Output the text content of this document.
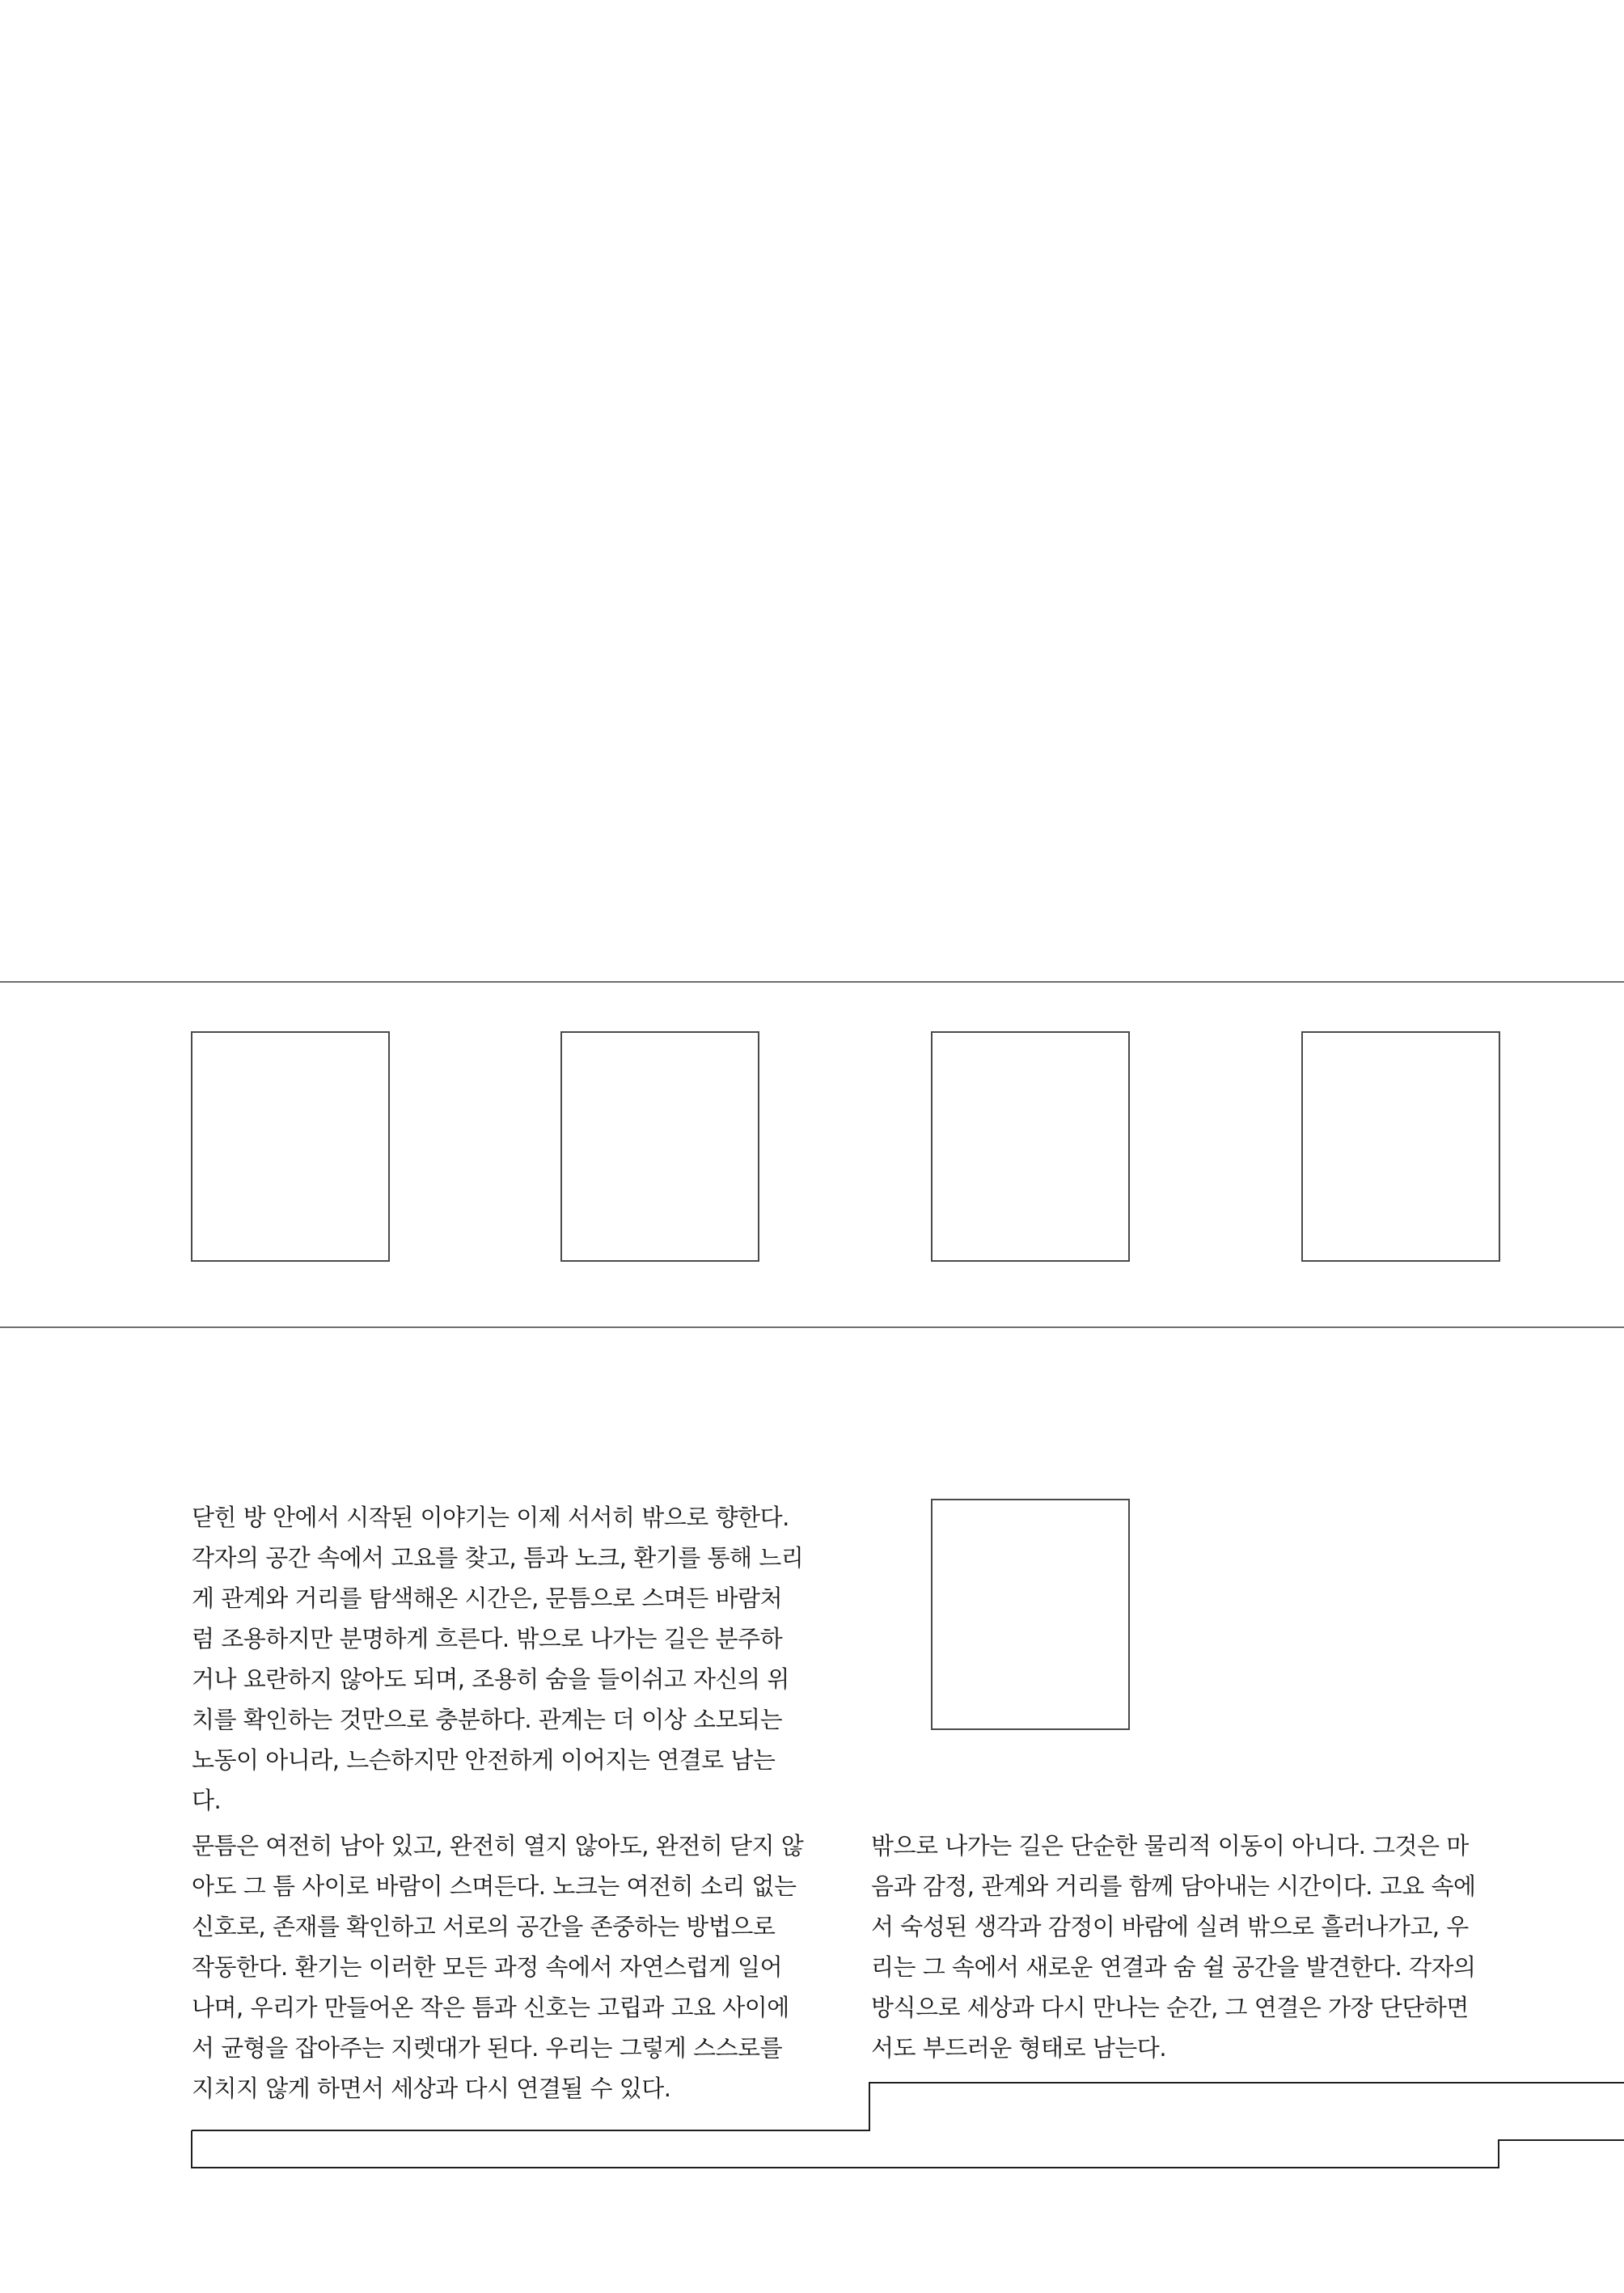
닫힌 방 안에서 시작된 이야기는 이제 서서히 밖으로 향한다.
각자의 공간 속에서 고요를 찾고, 틈과 노크, 환기를 통해 느리
게 관계와 거리를 탐색해온 시간은, 문틈으로 스며든 바람처
럼 조용하지만 분명하게 흐른다. 밖으로 나가는 길은 분주하
거나 요란하지 않아도 되며, 조용히 숨을 들이쉬고 자신의 위
치를 확인하는 것만으로 충분하다. 관계는 더 이상 소모되는
노동이 아니라, 느슨하지만 안전하게 이어지는 연결로 남는
다.

문틈은 여전히 남아 있고, 완전히 열지 않아도, 완전히 닫지 않
아도 그 틈 사이로 바람이 스며든다. 노크는 여전히 소리 없는
신호로, 존재를 확인하고 서로의 공간을 존중하는 방법으로
작동한다. 환기는 이러한 모든 과정 속에서 자연스럽게 일어
나며, 우리가 만들어온 작은 틈과 신호는 고립과 고요 사이에
서 균형을 잡아주는 지렛대가 된다. 우리는 그렇게 스스로를
지치지 않게 하면서 세상과 다시 연결될 수 있다.

밖으로 나가는 길은 단순한 물리적 이동이 아니다. 그것은 마
음과 감정, 관계와 거리를 함께 담아내는 시간이다. 고요 속에
서 숙성된 생각과 감정이 바람에 실려 밖으로 흘러나가고, 우
리는 그 속에서 새로운 연결과 숨 쉴 공간을 발견한다. 각자의
방식으로 세상과 다시 만나는 순간, 그 연결은 가장 단단하면
서도 부드러운 형태로 남는다.
